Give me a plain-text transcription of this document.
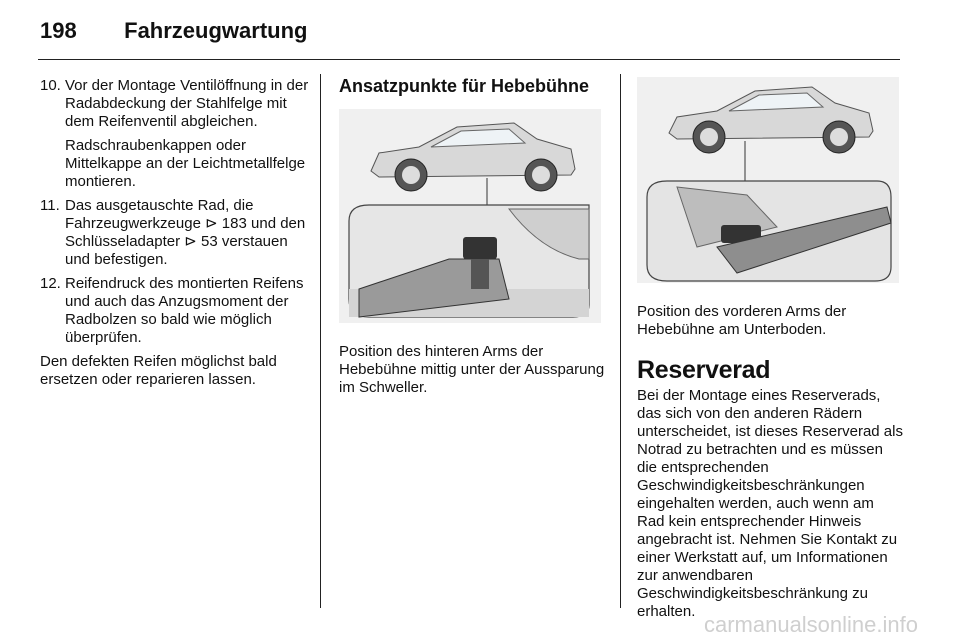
198 Fahrzeugwartung
10. Vor der Montage Ventilöffnung in der Radabdeckung der Stahlfelge mit dem Reifenventil abgleichen.
Radschraubenkappen oder Mittelkappe an der Leichtmetallfelge montieren.
11. Das ausgetauschte Rad, die Fahrzeugwerkzeuge ⊳ 183 und den Schlüsseladapter ⊳ 53 verstauen und befestigen.
12. Reifendruck des montierten Reifens und auch das Anzugsmoment der Radbolzen so bald wie möglich überprüfen.
Den defekten Reifen möglichst bald ersetzen oder reparieren lassen.
Ansatzpunkte für Hebebühne
Position des hinteren Arms der Hebebühne mittig unter der Aussparung im Schweller.
Position des vorderen Arms der Hebebühne am Unterboden.
Reserverad
Bei der Montage eines Reserverads, das sich von den anderen Rädern unterscheidet, ist dieses Reserverad als Notrad zu betrachten und es müssen die entsprechenden Geschwindigkeitsbeschränkungen eingehalten werden, auch wenn am Rad kein entsprechender Hinweis angebracht ist. Nehmen Sie Kontakt zu einer Werkstatt auf, um Informationen zur anwendbaren Geschwindigkeitsbeschränkung zu erhalten.
carmanualsonline.info
